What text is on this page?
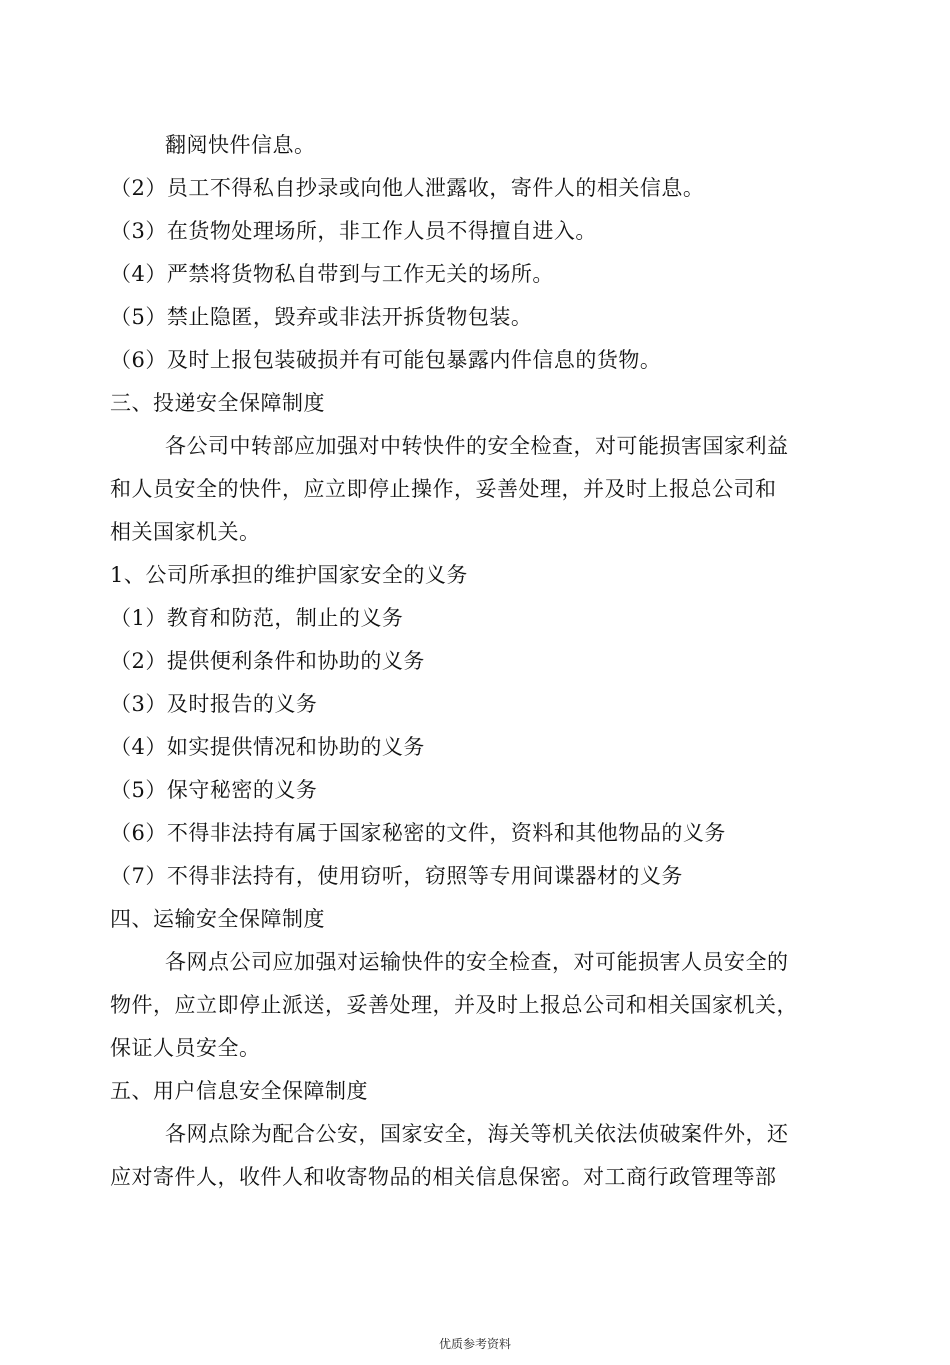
翻阅快件信息。
（2）员工不得私自抄录或向他人泄露收，寄件人的相关信息。
（3）在货物处理场所，非工作人员不得擅自进入。
（4）严禁将货物私自带到与工作无关的场所。
（5）禁止隐匿，毁弃或非法开拆货物包装。
（6）及时上报包装破损并有可能包暴露内件信息的货物。
三、投递安全保障制度
各公司中转部应加强对中转快件的安全检查，对可能损害国家利益
和人员安全的快件，应立即停止操作，妥善处理，并及时上报总公司和
相关国家机关。
1、公司所承担的维护国家安全的义务
（1）教育和防范，制止的义务
（2）提供便利条件和协助的义务
（3）及时报告的义务
（4）如实提供情况和协助的义务
（5）保守秘密的义务
（6）不得非法持有属于国家秘密的文件，资料和其他物品的义务
（7）不得非法持有，使用窃听，窃照等专用间谍器材的义务
四、运输安全保障制度
各网点公司应加强对运输快件的安全检查，对可能损害人员安全的
物件，应立即停止派送，妥善处理，并及时上报总公司和相关国家机关，
保证人员安全。
五、用户信息安全保障制度
各网点除为配合公安，国家安全，海关等机关依法侦破案件外，还
应对寄件人，收件人和收寄物品的相关信息保密。对工商行政管理等部
优质参考资料
